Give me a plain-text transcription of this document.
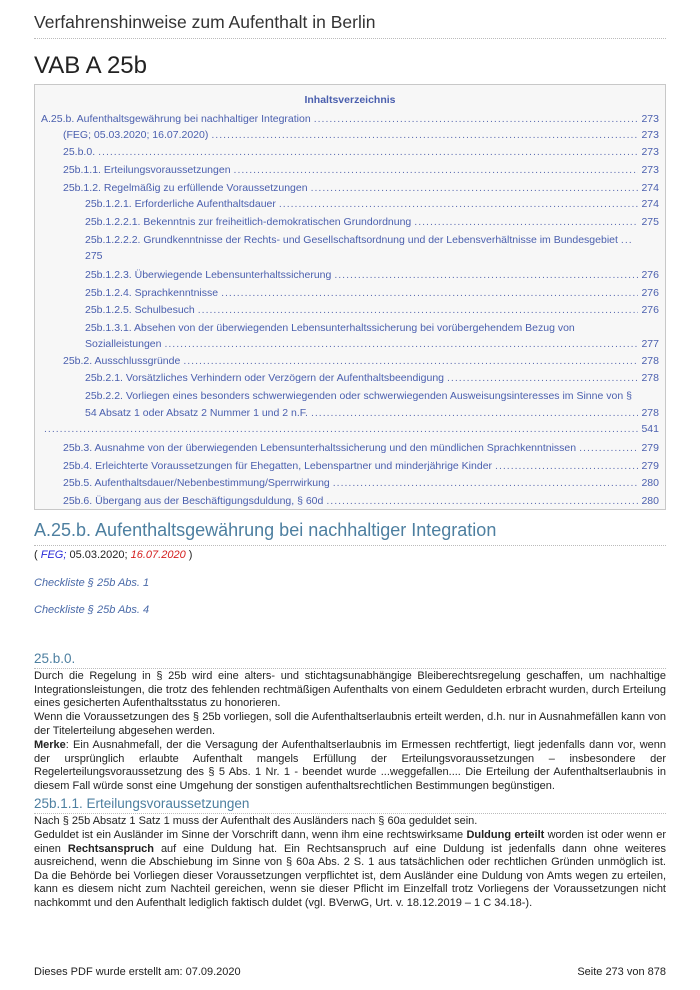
Verfahrenshinweise zum Aufenthalt in Berlin
VAB A 25b
Inhaltsverzeichnis
A.25.b. Aufenthaltsgewährung bei nachhaltiger Integration .....	273
(FEG; 05.03.2020; 16.07.2020) .....	273
25.b.0. .....	273
25b.1.1. Erteilungsvoraussetzungen .....	273
25b.1.2. Regelmäßig zu erfüllende Voraussetzungen .....	274
25b.1.2.1. Erforderliche Aufenthaltsdauer .....	274
25b.1.2.2.1. Bekenntnis zur freiheitlich-demokratischen Grundordnung .....	275
25b.1.2.2.2. Grundkenntnisse der Rechts- und Gesellschaftsordnung und der Lebensverhältnisse im Bundesgebiet
.....
275
25b.1.2.3. Überwiegende Lebensunterhaltssicherung .....	276
25b.1.2.4. Sprachkenntnisse .....	276
25b.1.2.5. Schulbesuch .....	276
25b.1.3.1. Absehen von der überwiegenden Lebensunterhaltssicherung bei vorübergehendem Bezug von
Sozialleistungen .....	277
25b.2. Ausschlussgründe .....	278
25b.2.1. Vorsätzliches Verhindern oder Verzögern der Aufenthaltsbeendigung .....	278
25b.2.2. Vorliegen eines besonders schwerwiegenden oder schwerwiegenden Ausweisungsinteresses im Sinne von §
54 Absatz 1 oder Absatz 2 Nummer 1 und 2 n.F. .....	278
.....
541
25b.3. Ausnahme von der überwiegenden Lebensunterhaltssicherung und den mündlichen Sprachkenntnissen .....	279
25b.4. Erleichterte Voraussetzungen für Ehegatten, Lebenspartner und minderjährige Kinder .....	279
25b.5. Aufenthaltsdauer/Nebenbestimmung/Sperrwirkung .....	280
25b.6. Übergang aus der Beschäftigungsduldung, § 60d .....	280
A.25.b. Aufenthaltsgewährung bei nachhaltiger Integration
( FEG; 05.03.2020; 16.07.2020 )
Checkliste § 25b Abs. 1
Checkliste § 25b Abs. 4
25.b.0.
Durch die Regelung in § 25b wird eine alters- und stichtagsunabhängige Bleiberechtsregelung geschaffen, um nachhaltige Integrationsleistungen, die trotz des fehlenden rechtmäßigen Aufenthalts von einem Geduldeten erbracht wurden, durch Erteilung eines gesicherten Aufenthaltsstatus zu honorieren.
Wenn die Voraussetzungen des § 25b vorliegen, soll die Aufenthaltserlaubnis erteilt werden, d.h. nur in Ausnahmefällen kann von der Titelerteilung abgesehen werden.
Merke: Ein Ausnahmefall, der die Versagung der Aufenthaltserlaubnis im Ermessen rechtfertigt, liegt jedenfalls dann vor, wenn der ursprünglich erlaubte Aufenthalt mangels Erfüllung der Erteilungsvoraussetzungen – insbesondere der Regelerteilungsvoraussetzung des § 5 Abs. 1 Nr. 1 - beendet wurde ...weggefallen.... Die Erteilung der Aufenthaltserlaubnis in diesem Fall würde sonst eine Umgehung der sonstigen aufenthaltsrechtlichen Bestimmungen begünstigen.
25b.1.1. Erteilungsvoraussetzungen
Nach § 25b Absatz 1 Satz 1 muss der Aufenthalt des Ausländers nach § 60a geduldet sein.
Geduldet ist ein Ausländer im Sinne der Vorschrift dann, wenn ihm eine rechtswirksame Duldung erteilt worden ist oder wenn er einen Rechtsanspruch auf eine Duldung hat. Ein Rechtsanspruch auf eine Duldung ist jedenfalls dann ohne weiteres ausreichend, wenn die Abschiebung im Sinne von § 60a Abs. 2 S. 1 aus tatsächlichen oder rechtlichen Gründen unmöglich ist. Da die Behörde bei Vorliegen dieser Voraussetzungen verpflichtet ist, dem Ausländer eine Duldung von Amts wegen zu erteilen, kann es diesem nicht zum Nachteil gereichen, wenn sie dieser Pflicht im Einzelfall trotz Vorliegens der Voraussetzungen nicht nachkommt und den Aufenthalt lediglich faktisch duldet (vgl. BVerwG, Urt. v. 18.12.2019 – 1 C 34.18-).
Dieses PDF wurde erstellt am: 07.09.2020	Seite 273 von 878
